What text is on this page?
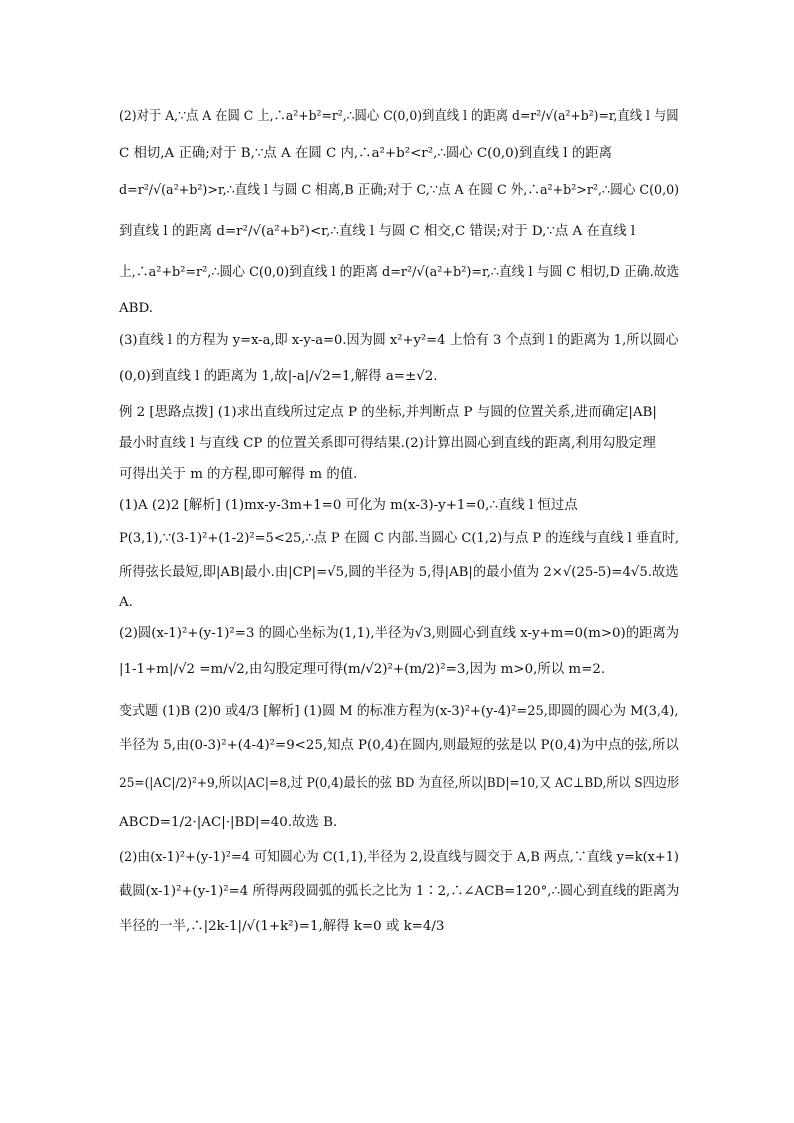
(2)对于 A,∵点 A 在圆 C 上,∴a²+b²=r²,∴圆心 C(0,0)到直线 l 的距离 d=r²/√(a²+b²)=r,直线 l 与圆
C 相切,A 正确;对于 B,∵点 A 在圆 C 内,∴a²+b²<r²,∴圆心 C(0,0)到直线 l 的距离
d=r²/√(a²+b²)>r,∴直线 l 与圆 C 相离,B 正确;对于 C,∵点 A 在圆 C 外,∴a²+b²>r²,∴圆心 C(0,0)
到直线 l 的距离 d=r²/√(a²+b²)<r,∴直线 l 与圆 C 相交,C 错误;对于 D,∵点 A 在直线 l
上,∴a²+b²=r²,∴圆心 C(0,0)到直线 l 的距离 d=r²/√(a²+b²)=r,∴直线 l 与圆 C 相切,D 正确.故选
ABD.
(3)直线 l 的方程为 y=x-a,即 x-y-a=0.因为圆 x²+y²=4 上恰有 3 个点到 l 的距离为 1,所以圆心
(0,0)到直线 l 的距离为 1,故|-a|/√2=1,解得 a=±√2.
例 2 [思路点拨] (1)求出直线所过定点 P 的坐标,并判断点 P 与圆的位置关系,进而确定|AB|
最小时直线 l 与直线 CP 的位置关系即可得结果.(2)计算出圆心到直线的距离,利用勾股定理
可得出关于 m 的方程,即可解得 m 的值.
(1)A (2)2 [解析] (1)mx-y-3m+1=0 可化为 m(x-3)-y+1=0,∴直线 l 恒过点
P(3,1),∵(3-1)²+(1-2)²=5<25,∴点 P 在圆 C 内部.当圆心 C(1,2)与点 P 的连线与直线 l 垂直时,
所得弦长最短,即|AB|最小.由|CP|=√5,圆的半径为 5,得|AB|的最小值为 2×√(25-5)=4√5.故选
A.
(2)圆(x-1)²+(y-1)²=3 的圆心坐标为(1,1),半径为√3,则圆心到直线 x-y+m=0(m>0)的距离为
|1-1+m|/√2 =m/√2,由勾股定理可得(m/√2)²+(m/2)²=3,因为 m>0,所以 m=2.
变式题 (1)B (2)0 或4/3 [解析] (1)圆 M 的标准方程为(x-3)²+(y-4)²=25,即圆的圆心为 M(3,4),
半径为 5,由(0-3)²+(4-4)²=9<25,知点 P(0,4)在圆内,则最短的弦是以 P(0,4)为中点的弦,所以
25=(|AC|/2)²+9,所以|AC|=8,过 P(0,4)最长的弦 BD 为直径,所以|BD|=10,又 AC⊥BD,所以 S四边形
ABCD=1/2·|AC|·|BD|=40.故选 B.
(2)由(x-1)²+(y-1)²=4 可知圆心为 C(1,1),半径为 2,设直线与圆交于 A,B 两点,∵直线 y=k(x+1)
截圆(x-1)²+(y-1)²=4 所得两段圆弧的弧长之比为 1∶2,∴∠ACB=120°,∴圆心到直线的距离为
半径的一半,∴|2k-1|/√(1+k²)=1,解得 k=0 或 k=4/3
